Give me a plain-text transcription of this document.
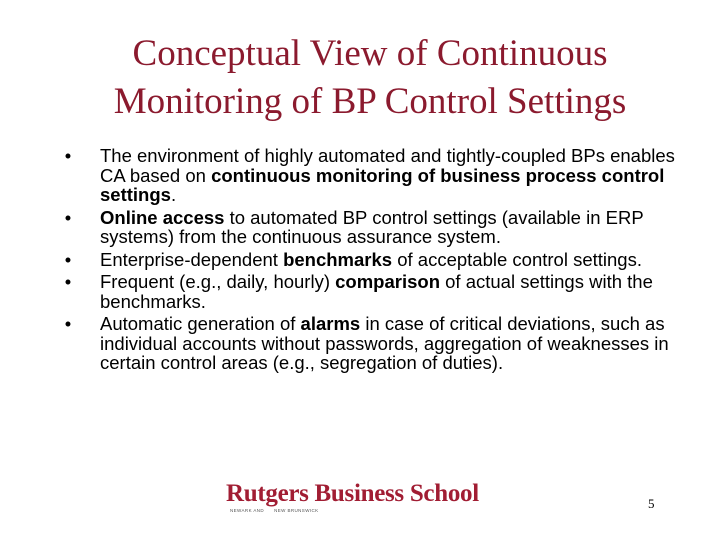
Conceptual View of Continuous
Monitoring of BP Control Settings
•	The environment of highly automated and tightly-coupled BPs enables CA based on continuous monitoring of business process control settings.
•	Online access to automated BP control settings (available in ERP systems) from the continuous assurance system.
•	Enterprise-dependent benchmarks of acceptable control settings.
•	Frequent (e.g., daily, hourly) comparison of actual settings with the benchmarks.
•	Automatic generation of alarms in case of critical deviations, such as individual accounts without passwords, aggregation of weaknesses in certain control areas (e.g., segregation of duties).
Rutgers Business School
NEWARK AND NEW BRUNSWICK	5
